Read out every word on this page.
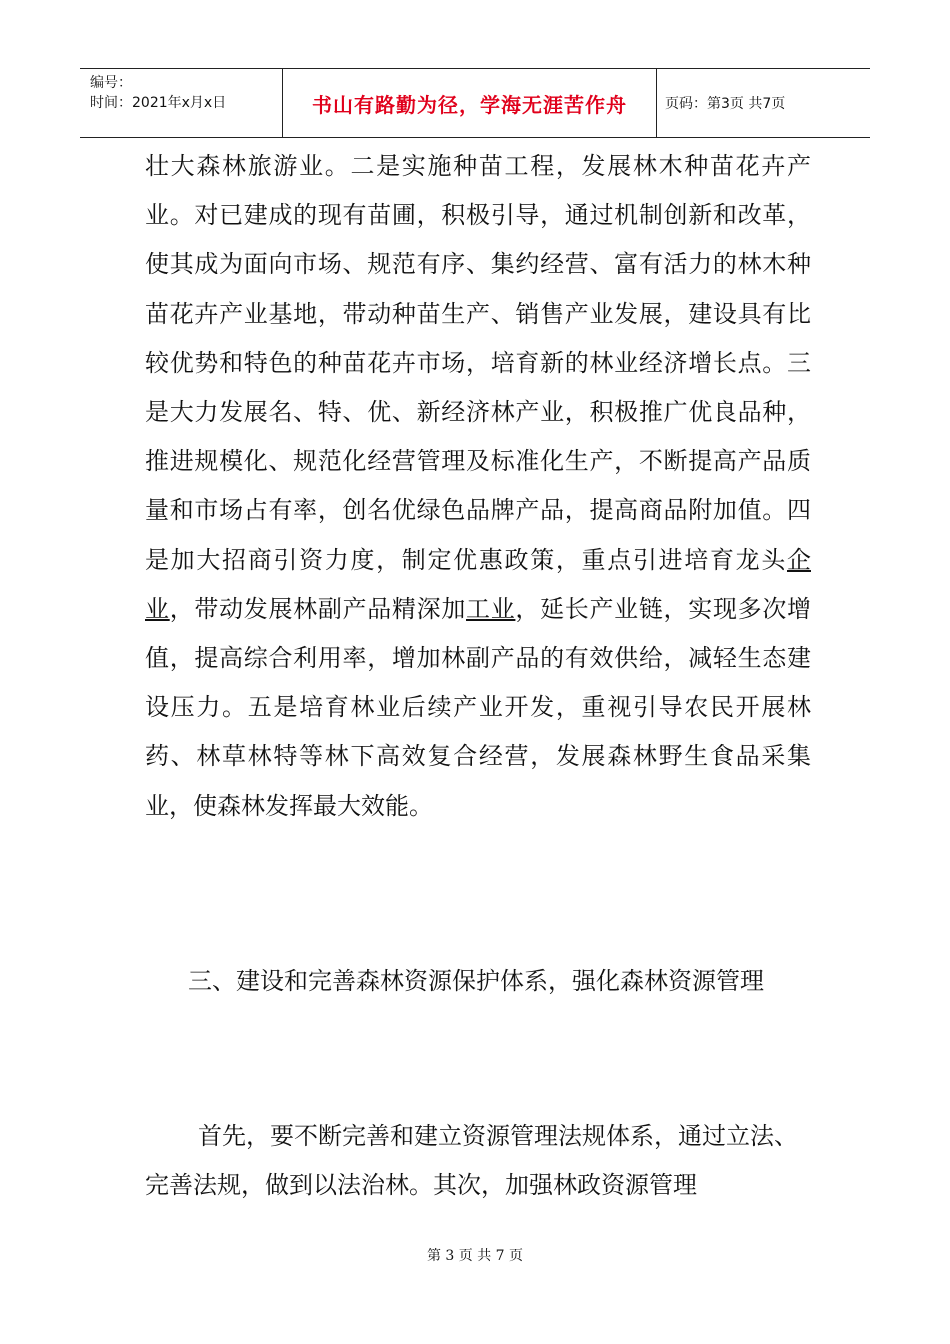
编号：
时间：2021年x月x日	书山有路勤为径，学海无涯苦作舟	页码：第3页 共7页

壮大森林旅游业。二是实施种苗工程，发展林木种苗花卉产业。对已建成的现有苗圃，积极引导，通过机制创新和改革，使其成为面向市场、规范有序、集约经营、富有活力的林木种苗花卉产业基地，带动种苗生产、销售产业发展，建设具有比较优势和特色的种苗花卉市场，培育新的林业经济增长点。三是大力发展名、特、优、新经济林产业，积极推广优良品种，推进规模化、规范化经营管理及标准化生产，不断提高产品质量和市场占有率，创名优绿色品牌产品，提高商品附加值。四是加大招商引资力度，制定优惠政策，重点引进培育龙头企业，带动发展林副产品精深加工业，延长产业链，实现多次增值，提高综合利用率，增加林副产品的有效供给，减轻生态建设压力。五是培育林业后续产业开发，重视引导农民开展林药、林草林特等林下高效复合经营，发展森林野生食品采集业，使森林发挥最大效能。

三、建设和完善森林资源保护体系，强化森林资源管理

首先，要不断完善和建立资源管理法规体系，通过立法、完善法规，做到以法治林。其次，加强林政资源管理

第 3 页 共 7 页
